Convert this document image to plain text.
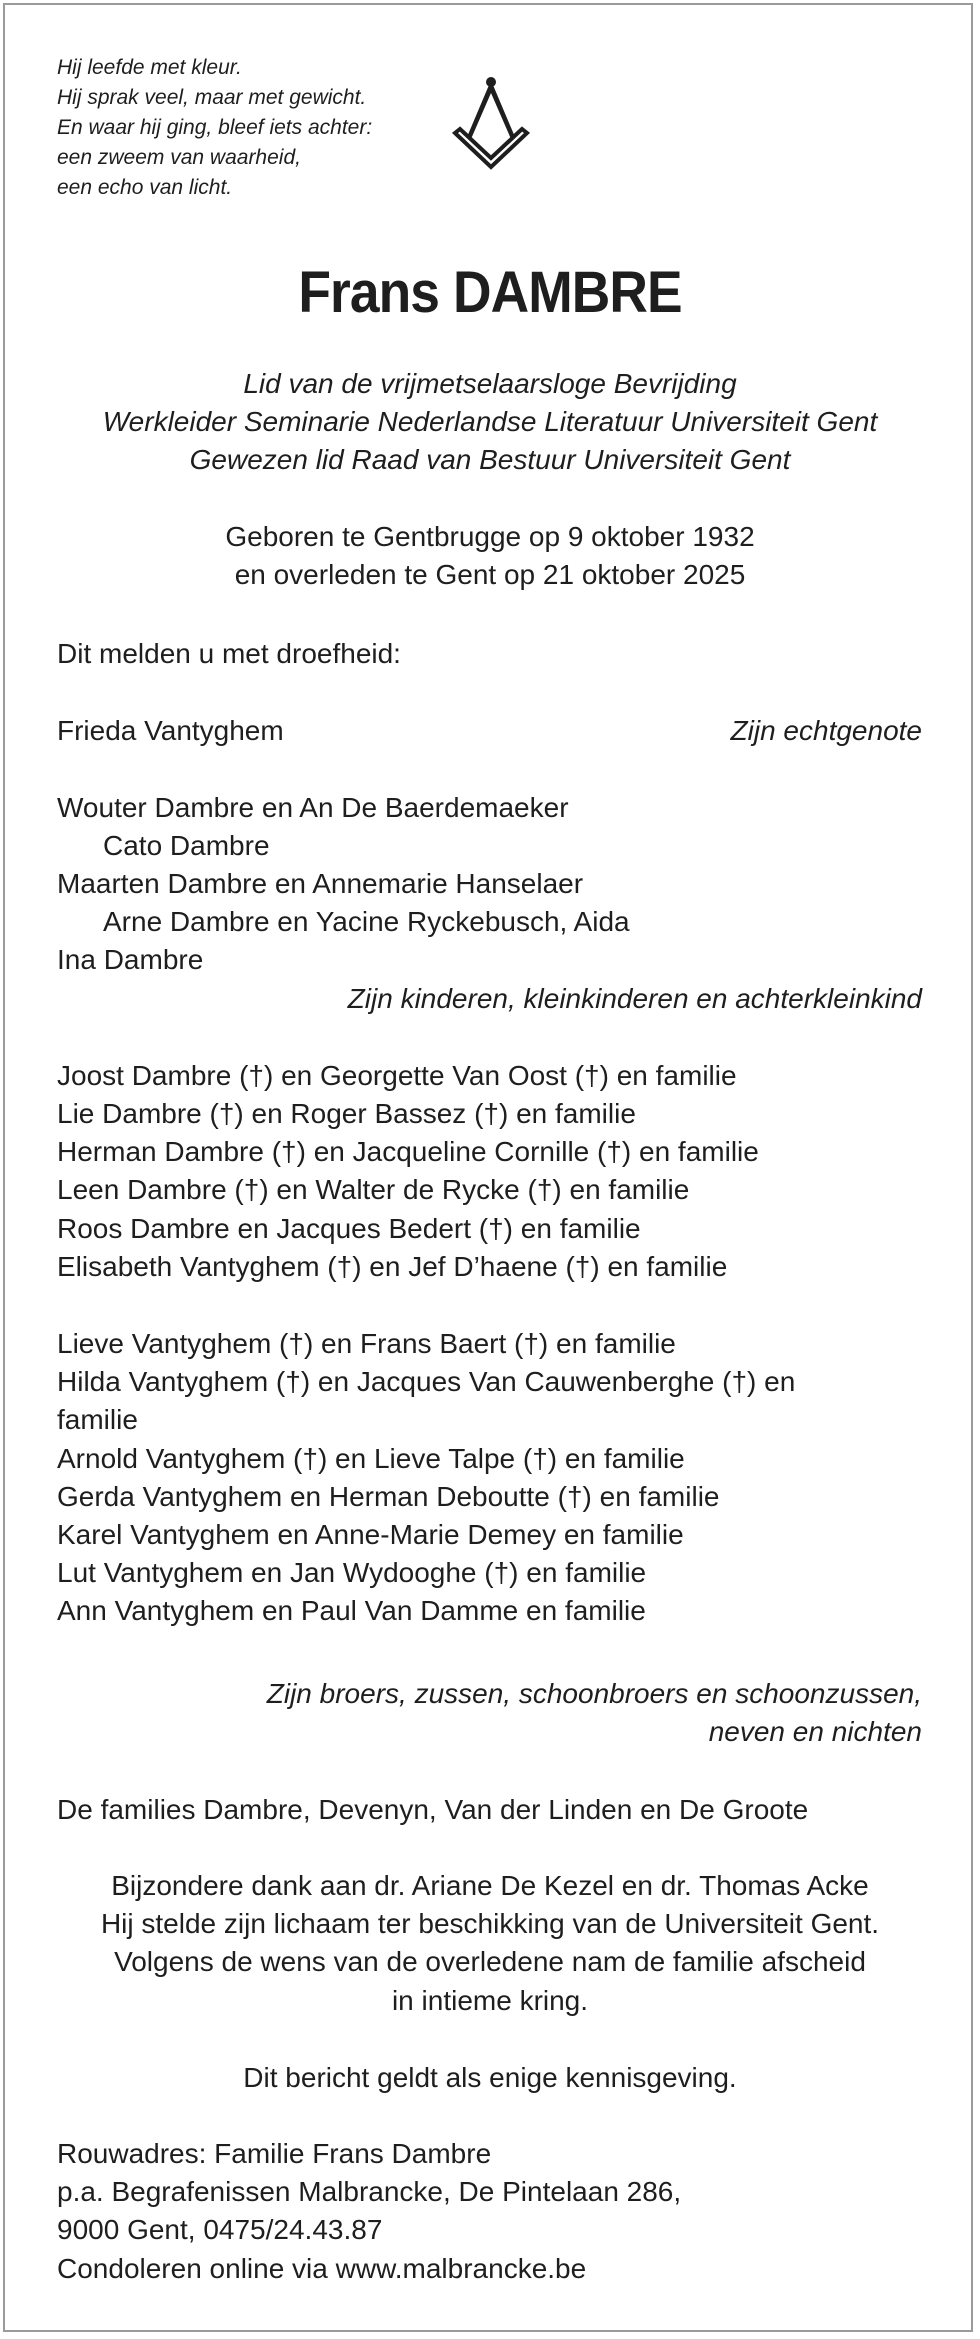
Hij leefde met kleur.
Hij sprak veel, maar met gewicht.
En waar hij ging, bleef iets achter:
een zweem van waarheid,
een echo van licht.
Frans DAMBRE
Lid van de vrijmetselaarsloge Bevrijding
Werkleider Seminarie Nederlandse Literatuur Universiteit Gent
Gewezen lid Raad van Bestuur Universiteit Gent
Geboren te Gentbrugge op 9 oktober 1932
en overleden te Gent op 21 oktober 2025
Dit melden u met droefheid:
Frieda Vantyghem	Zijn echtgenote
Wouter Dambre en An De Baerdemaeker
Cato Dambre
Maarten Dambre en Annemarie Hanselaer
Arne Dambre en Yacine Ryckebusch, Aida
Ina Dambre
Zijn kinderen, kleinkinderen en achterkleinkind
Joost Dambre (†) en Georgette Van Oost (†) en familie
Lie Dambre (†) en Roger Bassez (†) en familie
Herman Dambre (†) en Jacqueline Cornille (†) en familie
Leen Dambre (†) en Walter de Rycke (†) en familie
Roos Dambre en Jacques Bedert (†) en familie
Elisabeth Vantyghem (†) en Jef D’haene (†) en familie
Lieve Vantyghem (†) en Frans Baert (†) en familie
Hilda Vantyghem (†) en Jacques Van Cauwenberghe (†) en
familie
Arnold Vantyghem (†) en Lieve Talpe (†) en familie
Gerda Vantyghem en Herman Deboutte (†) en familie
Karel Vantyghem en Anne-Marie Demey en familie
Lut Vantyghem en Jan Wydooghe (†) en familie
Ann Vantyghem en Paul Van Damme en familie
Zijn broers, zussen, schoonbroers en schoonzussen,
neven en nichten
De families Dambre, Devenyn, Van der Linden en De Groote
Bijzondere dank aan dr. Ariane De Kezel en dr. Thomas Acke
Hij stelde zijn lichaam ter beschikking van de Universiteit Gent.
Volgens de wens van de overledene nam de familie afscheid
in intieme kring.
Dit bericht geldt als enige kennisgeving.
Rouwadres: Familie Frans Dambre
p.a. Begrafenissen Malbrancke, De Pintelaan 286,
9000 Gent, 0475/24.43.87
Condoleren online via www.malbrancke.be
